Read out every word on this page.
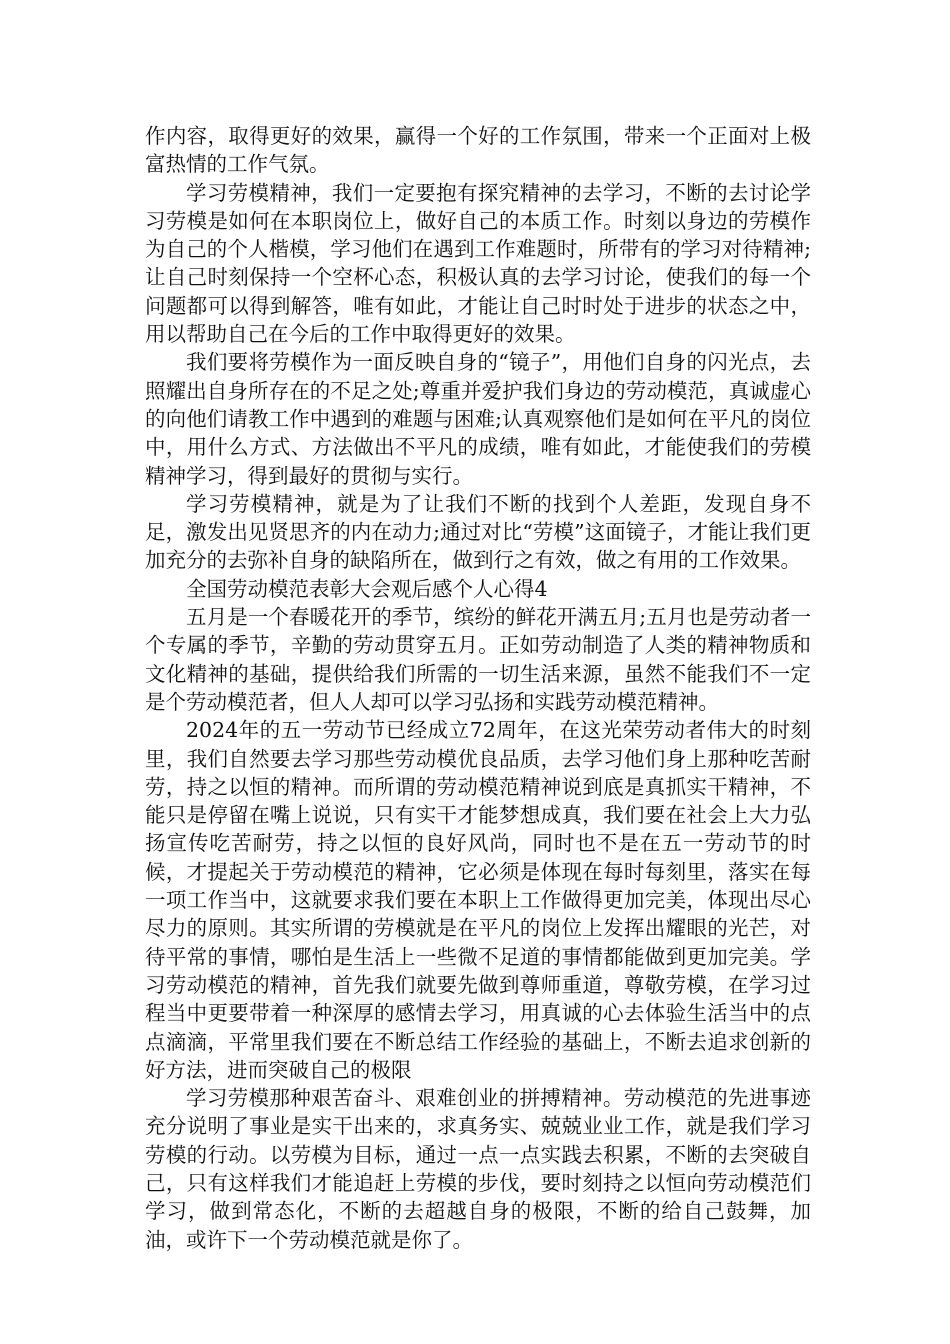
作内容，取得更好的效果，赢得一个好的工作氛围，带来一个正面对上极富热情的工作气氛。

学习劳模精神，我们一定要抱有探究精神的去学习，不断的去讨论学习劳模是如何在本职岗位上，做好自己的本质工作。时刻以身边的劳模作为自己的个人楷模，学习他们在遇到工作难题时，所带有的学习对待精神;让自己时刻保持一个空杯心态，积极认真的去学习讨论，使我们的每一个问题都可以得到解答，唯有如此，才能让自己时时处于进步的状态之中，用以帮助自己在今后的工作中取得更好的效果。

我们要将劳模作为一面反映自身的“镜子”，用他们自身的闪光点，去照耀出自身所存在的不足之处;尊重并爱护我们身边的劳动模范，真诚虚心的向他们请教工作中遇到的难题与困难;认真观察他们是如何在平凡的岗位中，用什么方式、方法做出不平凡的成绩，唯有如此，才能使我们的劳模精神学习，得到最好的贯彻与实行。

学习劳模精神，就是为了让我们不断的找到个人差距，发现自身不足，激发出见贤思齐的内在动力;通过对比“劳模”这面镜子，才能让我们更加充分的去弥补自身的缺陷所在，做到行之有效，做之有用的工作效果。

全国劳动模范表彰大会观后感个人心得4

五月是一个春暖花开的季节，缤纷的鲜花开满五月;五月也是劳动者一个专属的季节，辛勤的劳动贯穿五月。正如劳动制造了人类的精神物质和文化精神的基础，提供给我们所需的一切生活来源，虽然不能我们不一定是个劳动模范者，但人人却可以学习弘扬和实践劳动模范精神。

2024年的五一劳动节已经成立72周年，在这光荣劳动者伟大的时刻里，我们自然要去学习那些劳动模优良品质，去学习他们身上那种吃苦耐劳，持之以恒的精神。而所谓的劳动模范精神说到底是真抓实干精神，不能只是停留在嘴上说说，只有实干才能梦想成真，我们要在社会上大力弘扬宣传吃苦耐劳，持之以恒的良好风尚，同时也不是在五一劳动节的时候，才提起关于劳动模范的精神，它必须是体现在每时每刻里，落实在每一项工作当中，这就要求我们要在本职上工作做得更加完美，体现出尽心尽力的原则。其实所谓的劳模就是在平凡的岗位上发挥出耀眼的光芒，对待平常的事情，哪怕是生活上一些微不足道的事情都能做到更加完美。学习劳动模范的精神，首先我们就要先做到尊师重道，尊敬劳模，在学习过程当中更要带着一种深厚的感情去学习，用真诚的心去体验生活当中的点点滴滴，平常里我们要在不断总结工作经验的基础上，不断去追求创新的好方法，进而突破自己的极限

学习劳模那种艰苦奋斗、艰难创业的拼搏精神。劳动模范的先进事迹充分说明了事业是实干出来的，求真务实、兢兢业业工作，就是我们学习劳模的行动。以劳模为目标，通过一点一点实践去积累，不断的去突破自己，只有这样我们才能追赶上劳模的步伐，要时刻持之以恒向劳动模范们学习，做到常态化，不断的去超越自身的极限，不断的给自己鼓舞，加油，或许下一个劳动模范就是你了。
